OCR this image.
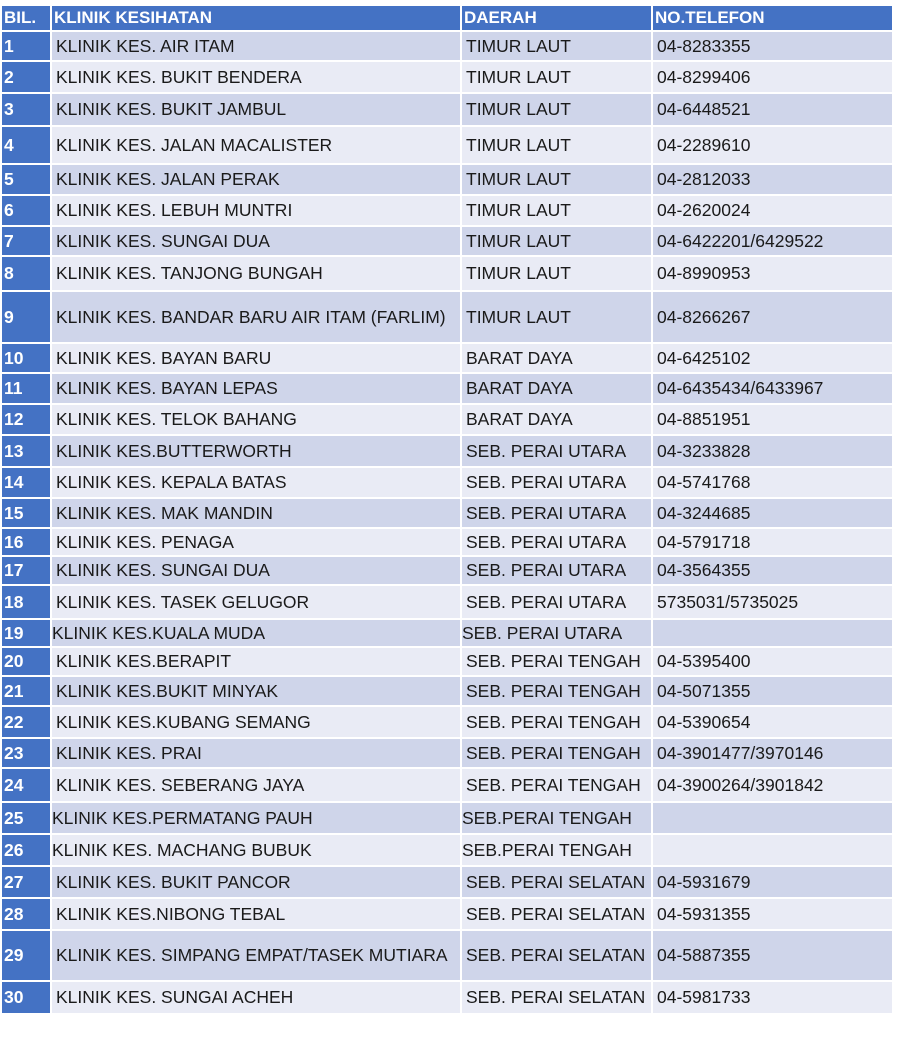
BIL.	KLINIK KESIHATAN	DAERAH	NO.TELEFON
1	KLINIK KES. AIR ITAM	TIMUR LAUT	04-8283355
2	KLINIK KES. BUKIT BENDERA	TIMUR LAUT	04-8299406
3	KLINIK KES. BUKIT JAMBUL	TIMUR LAUT	04-6448521
4	KLINIK KES. JALAN MACALISTER	TIMUR LAUT	04-2289610
5	KLINIK KES. JALAN PERAK	TIMUR LAUT	04-2812033
6	KLINIK KES. LEBUH MUNTRI	TIMUR LAUT	04-2620024
7	KLINIK KES. SUNGAI DUA	TIMUR LAUT	04-6422201/6429522
8	KLINIK KES. TANJONG BUNGAH	TIMUR LAUT	04-8990953
9	KLINIK KES. BANDAR BARU AIR ITAM (FARLIM)	TIMUR LAUT	04-8266267
10	KLINIK KES. BAYAN BARU	BARAT DAYA	04-6425102
11	KLINIK KES. BAYAN LEPAS	BARAT DAYA	04-6435434/6433967
12	KLINIK KES. TELOK BAHANG	BARAT DAYA	04-8851951
13	KLINIK KES.BUTTERWORTH	SEB. PERAI UTARA	04-3233828
14	KLINIK KES. KEPALA BATAS	SEB. PERAI UTARA	04-5741768
15	KLINIK KES. MAK MANDIN	SEB. PERAI UTARA	04-3244685
16	KLINIK KES. PENAGA	SEB. PERAI UTARA	04-5791718
17	KLINIK KES. SUNGAI DUA	SEB. PERAI UTARA	04-3564355
18	KLINIK KES. TASEK GELUGOR	SEB. PERAI UTARA	5735031/5735025
19	KLINIK KES.KUALA MUDA	SEB. PERAI UTARA	
20	KLINIK KES.BERAPIT	SEB. PERAI TENGAH	04-5395400
21	KLINIK KES.BUKIT MINYAK	SEB. PERAI TENGAH	04-5071355
22	KLINIK KES.KUBANG SEMANG	SEB. PERAI TENGAH	04-5390654
23	KLINIK KES. PRAI	SEB. PERAI TENGAH	04-3901477/3970146
24	KLINIK KES. SEBERANG JAYA	SEB. PERAI TENGAH	04-3900264/3901842
25	KLINIK KES.PERMATANG PAUH	SEB.PERAI TENGAH	
26	KLINIK KES. MACHANG BUBUK	SEB.PERAI TENGAH	
27	KLINIK KES. BUKIT PANCOR	SEB. PERAI SELATAN	04-5931679
28	KLINIK KES.NIBONG TEBAL	SEB. PERAI SELATAN	04-5931355
29	KLINIK KES. SIMPANG EMPAT/TASEK MUTIARA	SEB. PERAI SELATAN	04-5887355
30	KLINIK KES. SUNGAI ACHEH	SEB. PERAI SELATAN	04-5981733
